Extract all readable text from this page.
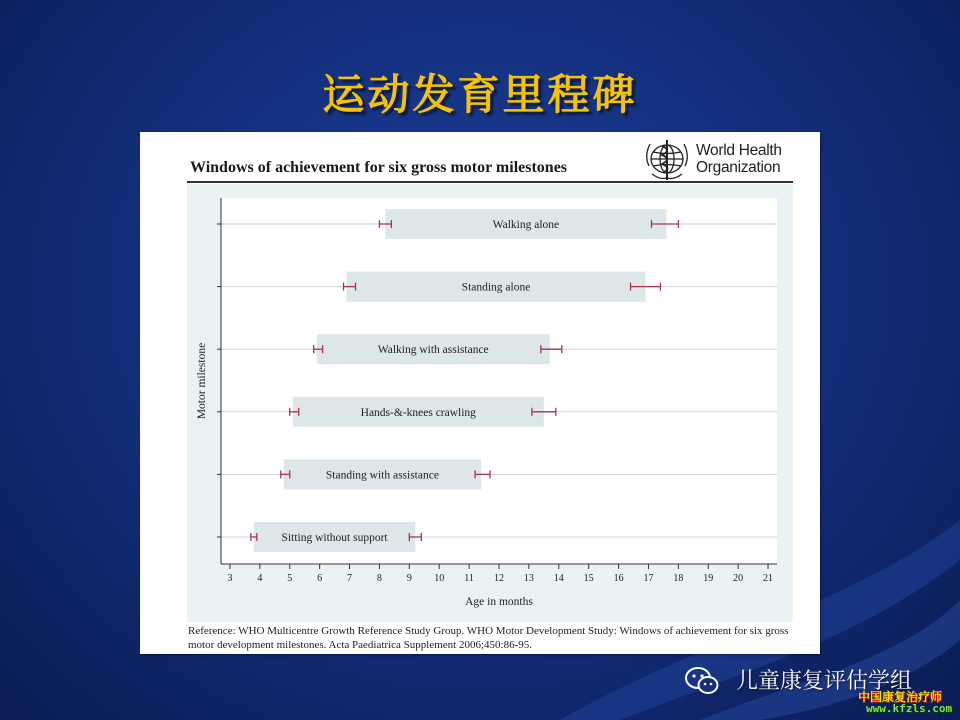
运动发育里程碑
Windows of achievement for six gross motor milestones
World Health
Organization
Walking alone
Standing alone
Walking with assistance
Hands-&-knees crawling
Standing with assistance
Sitting without support
3 4 5 6 7 8 9 10 11 12 13 14 15 16 17 18 19 20 21
Age in months
Motor milestone
Reference: WHO Multicentre Growth Reference Study Group. WHO Motor Development Study: Windows of achievement for six gross motor development milestones. Acta Paediatrica Supplement 2006;450:86-95.
儿童康复评估学组
中国康复治疗师
www.kfzls.com
